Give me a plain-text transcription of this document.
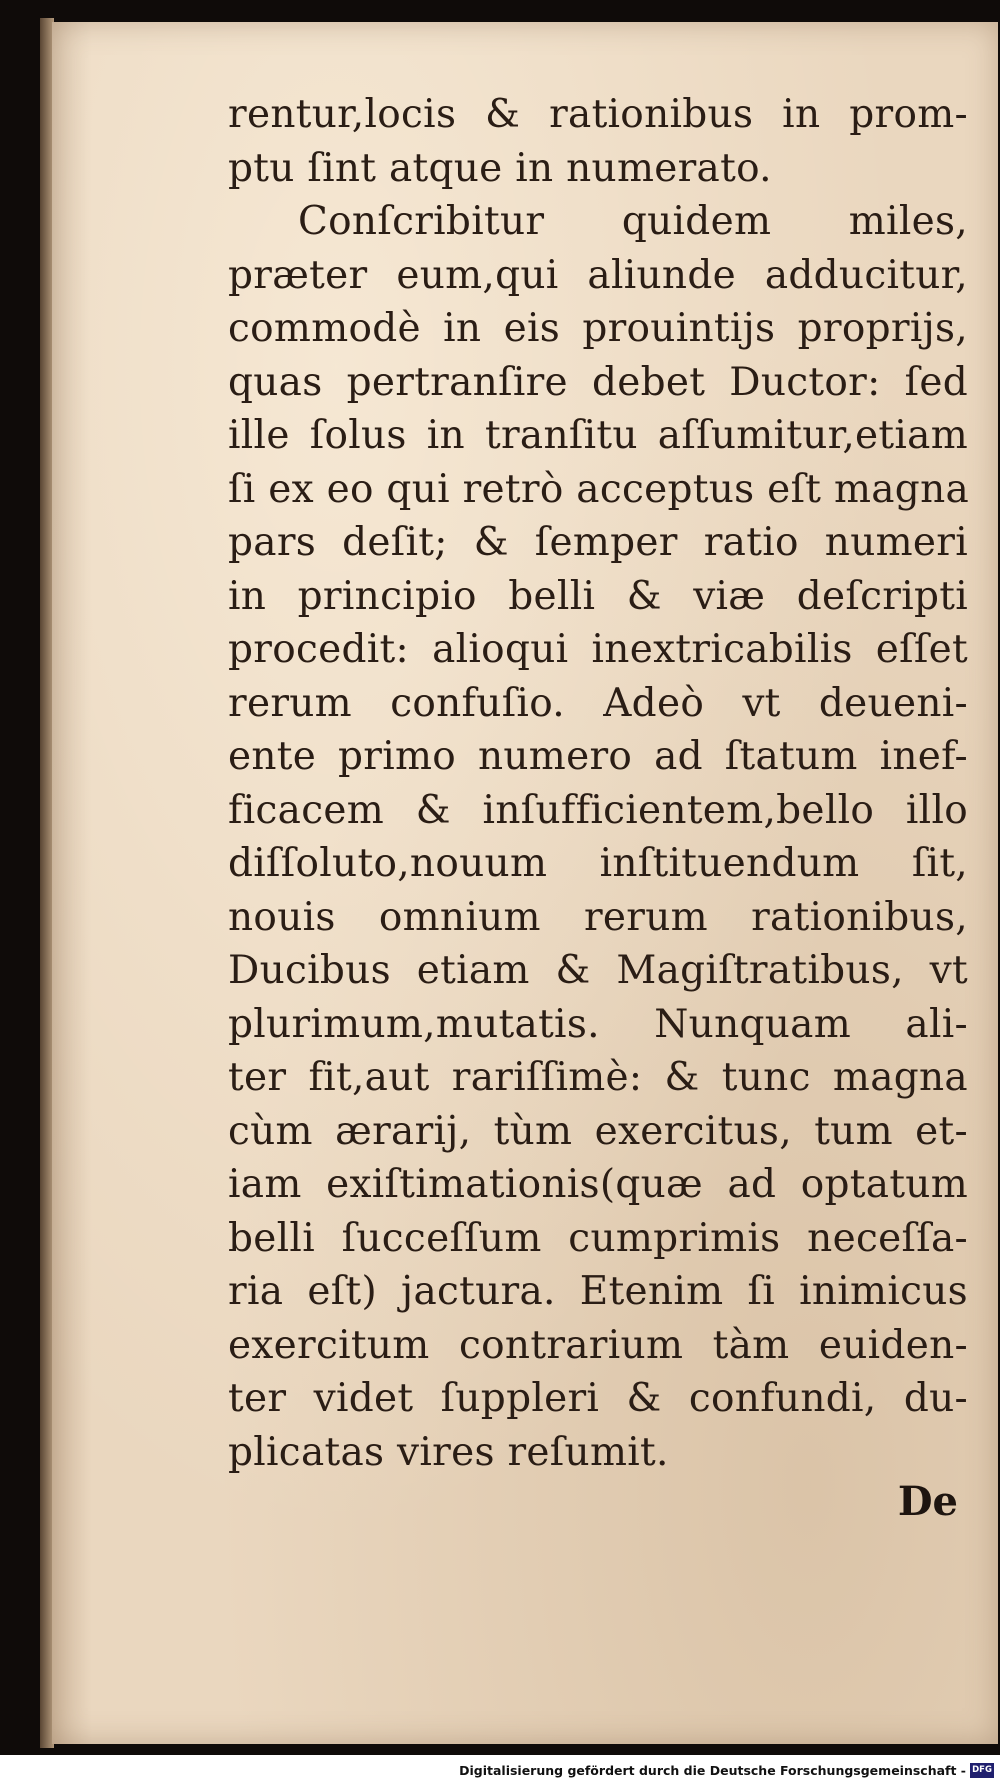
rentur,locis & rationibus in prom-
ptu ſint atque in numerato.
Conſcribitur quidem miles,
præter eum,qui aliunde adducitur,
commodè in eis prouintijs proprijs,
quas pertranſire debet Ductor: ſed
ille ſolus in tranſitu aſſumitur,etiam
ſi ex eo qui retrò acceptus eſt magna
pars deſit; & ſemper ratio numeri
in principio belli & viæ deſcripti
procedit: alioqui inextricabilis eſſet
rerum confuſio. Adeò vt deueni-
ente primo numero ad ſtatum inef-
ficacem & inſufficientem,bello illo
diſſoluto,nouum inſtituendum ſit,
nouis omnium rerum rationibus,
Ducibus etiam & Magiſtratibus, vt
plurimum,mutatis. Nunquam ali-
ter fit,aut rariſſimè: & tunc magna
cùm ærarij, tùm exercitus, tum et-
iam exiſtimationis(quæ ad optatum
belli ſucceſſum cumprimis neceſſa-
ria eſt) jactura. Etenim ſi inimicus
exercitum contrarium tàm euiden-
ter videt ſuppleri & confundi, du-
plicatas vires reſumit.
De
Digitalisierung gefördert durch die Deutsche Forschungsgemeinschaft - DFG
